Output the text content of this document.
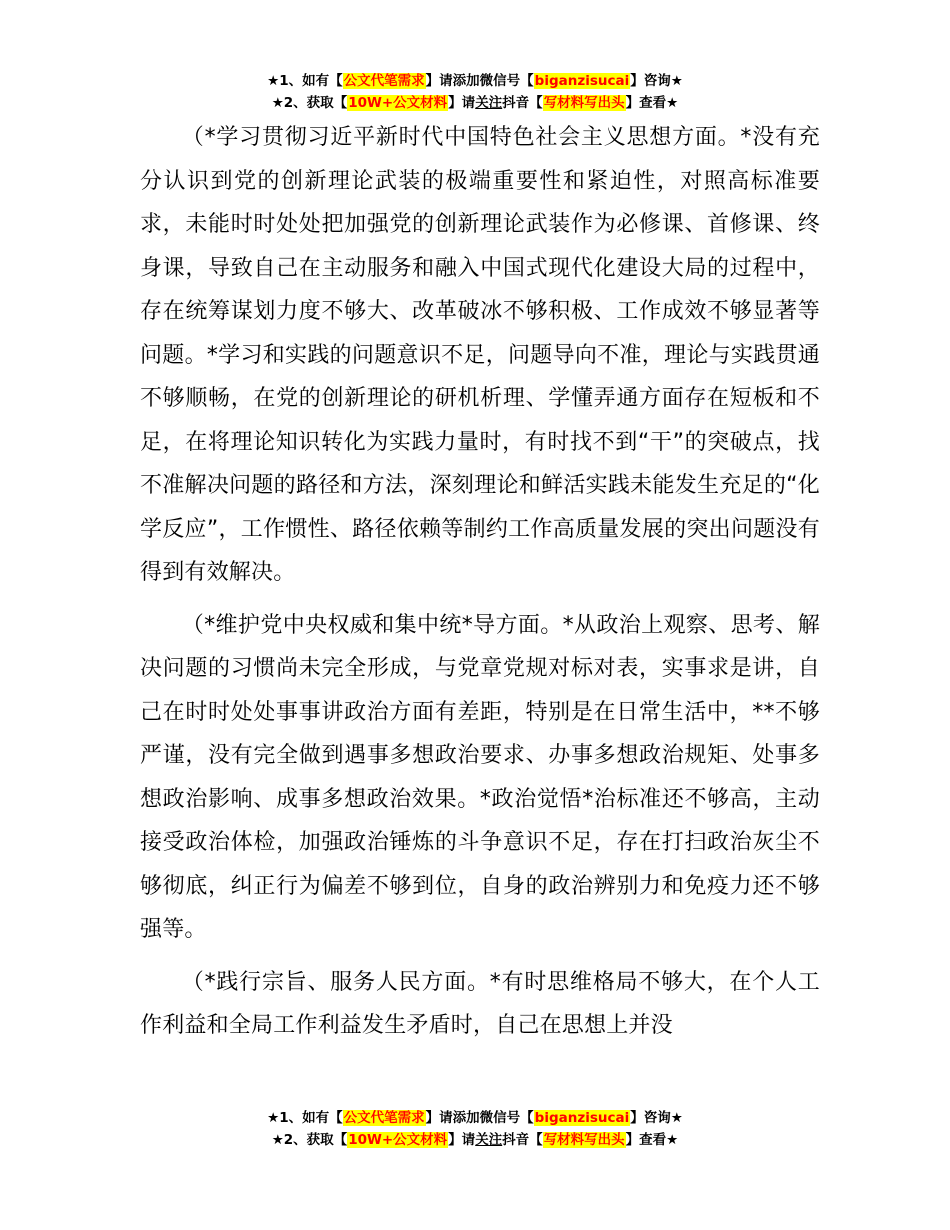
★1、如有【公文代笔需求】请添加微信号【biganzisucai】咨询★
★2、获取【10W+公文材料】请关注抖音【写材料写出头】查看★

（*学习贯彻习近平新时代中国特色社会主义思想方面。*没有充分认识到党的创新理论武装的极端重要性和紧迫性，对照高标准要求，未能时时处处把加强党的创新理论武装作为必修课、首修课、终身课，导致自己在主动服务和融入中国式现代化建设大局的过程中，存在统筹谋划力度不够大、改革破冰不够积极、工作成效不够显著等问题。*学习和实践的问题意识不足，问题导向不准，理论与实践贯通不够顺畅，在党的创新理论的研机析理、学懂弄通方面存在短板和不足，在将理论知识转化为实践力量时，有时找不到“干”的突破点，找不准解决问题的路径和方法，深刻理论和鲜活实践未能发生充足的“化学反应”，工作惯性、路径依赖等制约工作高质量发展的突出问题没有得到有效解决。

（*维护党中央权威和集中统*导方面。*从政治上观察、思考、解决问题的习惯尚未完全形成，与党章党规对标对表，实事求是讲，自己在时时处处事事讲政治方面有差距，特别是在日常生活中，**不够严谨，没有完全做到遇事多想政治要求、办事多想政治规矩、处事多想政治影响、成事多想政治效果。*政治觉悟*治标准还不够高，主动接受政治体检，加强政治锤炼的斗争意识不足，存在打扫政治灰尘不够彻底，纠正行为偏差不够到位，自身的政治辨别力和免疫力还不够强等。

（*践行宗旨、服务人民方面。*有时思维格局不够大，在个人工作利益和全局工作利益发生矛盾时，自己在思想上并没

★1、如有【公文代笔需求】请添加微信号【biganzisucai】咨询★
★2、获取【10W+公文材料】请关注抖音【写材料写出头】查看★
